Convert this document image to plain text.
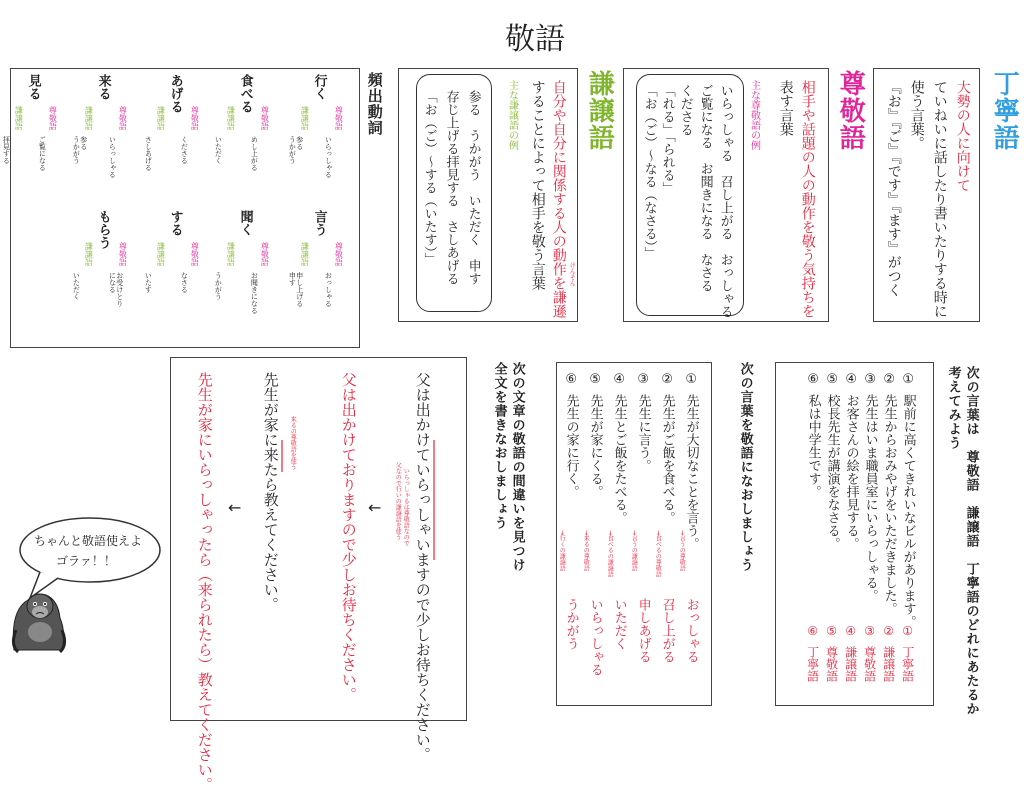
敬語
丁寧語
大勢の人に向けて
ていねいに話したり書いたりする時に
使う言葉。
『お』『ご』『です』『ます』がつく
尊敬語
相手や話題の人の動作を敬う気持ちを
表す言葉
主な尊敬語の例
いらっしゃる　召し上がる　おっしゃる
ご覧になる　お聞きになる　なさる
くださる
「れる」「られる」
「お（ご）～なる（なさる）」
謙譲語
自分や自分に関係する人の動作を謙遜 けんそん
することによって相手を敬う言葉
主な謙譲語の例
参る　うかがう　いただく　申す
存じ上げる拝見する　さしあげる
「お（ご）～する（いたす）」
頻出動詞
行く
尊敬語
いらっしゃる
謙譲語
参る
うかがう
言う
尊敬語
おっしゃる
謙譲語
申し上げる
申す
食べる
尊敬語
めし上がる
謙譲語
いただく
聞く
尊敬語
お聞きになる
謙譲語
うかがう
あげる
尊敬語
くださる
謙譲語
さしあげる
する
尊敬語
なさる
謙譲語
いたす
来る
尊敬語
いらっしゃる
謙譲語
参る
うかがう
もらう
尊敬語
お受けとり
になる
謙譲語
いただく
見る
尊敬語
ご覧になる
謙譲語
拝見する
次の言葉は　尊敬語　謙譲語　丁寧語のどれにあたるか
考えてみよう
①
駅前に高くてきれいなビルがあります。
①
丁寧語
②
先生からおみやげをいただきました。
②
謙譲語
③
先生はいま職員室にいらっしゃる。
③
尊敬語
④
お客さんの絵を拝見する。
④
謙譲語
⑤
校長先生が講演をなさる。
⑤
尊敬語
⑥
私は中学生です。
⑥
丁寧語
次の言葉を敬語になおしましょう
①
先生が大切なことを言う。
→言うの尊敬語
おっしゃる
②
先生がご飯を食べる。
→食べるの尊敬語
召し上がる
③
先生に言う。
→言うの謙譲語
申しあげる
④
先生とご飯をたべる。
→食べるの謙譲語
いただく
⑤
先生が家にくる。
→来るの尊敬語
いらっしゃる
⑥
先生の家に行く。
→行くの謙譲語
うかがう
次の文章の敬語の間違いを見つけ
全文を書きなおしましょう
父は出かけていらっしゃいますので少しお待ちください。
いらっしゃるは尊敬語なので
父なので行いの謙譲語を使う
←
父は出かけておりますので少しお待ちください。
先生が家に来たら教えてください。 来るの尊敬語を使う
←
先生が家にいらっしゃったら（来られたら）教えてください。
ちゃんと敬語使えよ
ゴラァ！！
